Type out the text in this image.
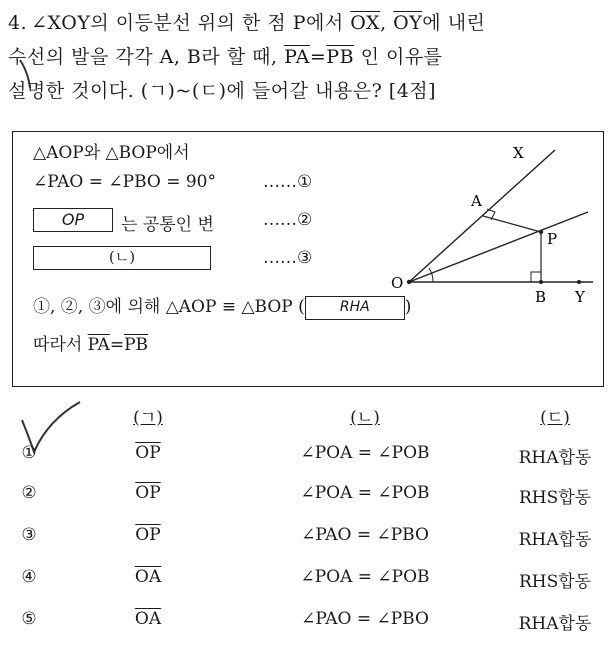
4. ∠XOY의 이등분선 위의 한 점 P에서 $\overline{OX}$, $\overline{OY}$에 내린
수선의 발을 각각 A, B라 할 때, $\overline{PA}=\overline{PB}$ 인 이유를
설명한 것이다. (ㄱ)~(ㄷ)에 들어갈 내용은? [4점]
△AOP와 △BOP에서
∠PAO = ∠PBO = 90°	……①
OP	는 공통인 변	……②
(ㄴ)	……③
①, ②, ③에 의해 △AOP ≡ △BOP (	RHA	)
따라서 $\overline{PA}=\overline{PB}$
X
A
P
O
B Y
(ㄱ)	(ㄴ)	(ㄷ)
①	$\overline{OP}$	∠POA = ∠POB	RHA합동
②	$\overline{OP}$	∠POA = ∠POB	RHS합동
③	$\overline{OP}$	∠PAO = ∠PBO	RHA합동
④	$\overline{OA}$	∠POA = ∠POB	RHS합동
⑤	$\overline{OA}$	∠PAO = ∠PBO	RHA합동
